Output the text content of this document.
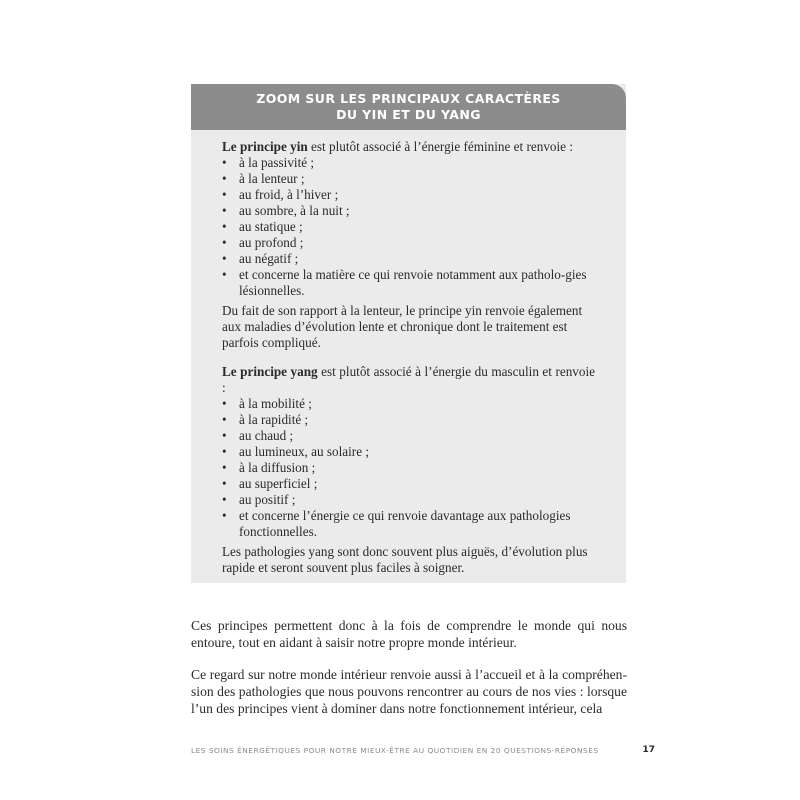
ZOOM SUR LES PRINCIPAUX CARACTÈRES
DU YIN ET DU YANG

Le principe yin est plutôt associé à l’énergie féminine et renvoie :

• à la passivité ;
• à la lenteur ;
• au froid, à l’hiver ;
• au sombre, à la nuit ;
• au statique ;
• au profond ;
• au négatif ;
• et concerne la matière ce qui renvoie notamment aux patholo-gies lésionnelles.

Du fait de son rapport à la lenteur, le principe yin renvoie également aux maladies d’évolution lente et chronique dont le traitement est parfois compliqué.

Le principe yang est plutôt associé à l’énergie du masculin et renvoie :

• à la mobilité ;
• à la rapidité ;
• au chaud ;
• au lumineux, au solaire ;
• à la diffusion ;
• au superficiel ;
• au positif ;
• et concerne l’énergie ce qui renvoie davantage aux pathologies fonctionnelles.

Les pathologies yang sont donc souvent plus aiguës, d’évolution plus rapide et seront souvent plus faciles à soigner.

Ces principes permettent donc à la fois de comprendre le monde qui nous entoure, tout en aidant à saisir notre propre monde intérieur.

Ce regard sur notre monde intérieur renvoie aussi à l’accueil et à la compréhen-sion des pathologies que nous pouvons rencontrer au cours de nos vies : lorsque l’un des principes vient à dominer dans notre fonctionnement intérieur, cela

LES SOINS ÉNERGÉTIQUES POUR NOTRE MIEUX-ÊTRE AU QUOTIDIEN EN 20 QUESTIONS-RÉPONSES	17
